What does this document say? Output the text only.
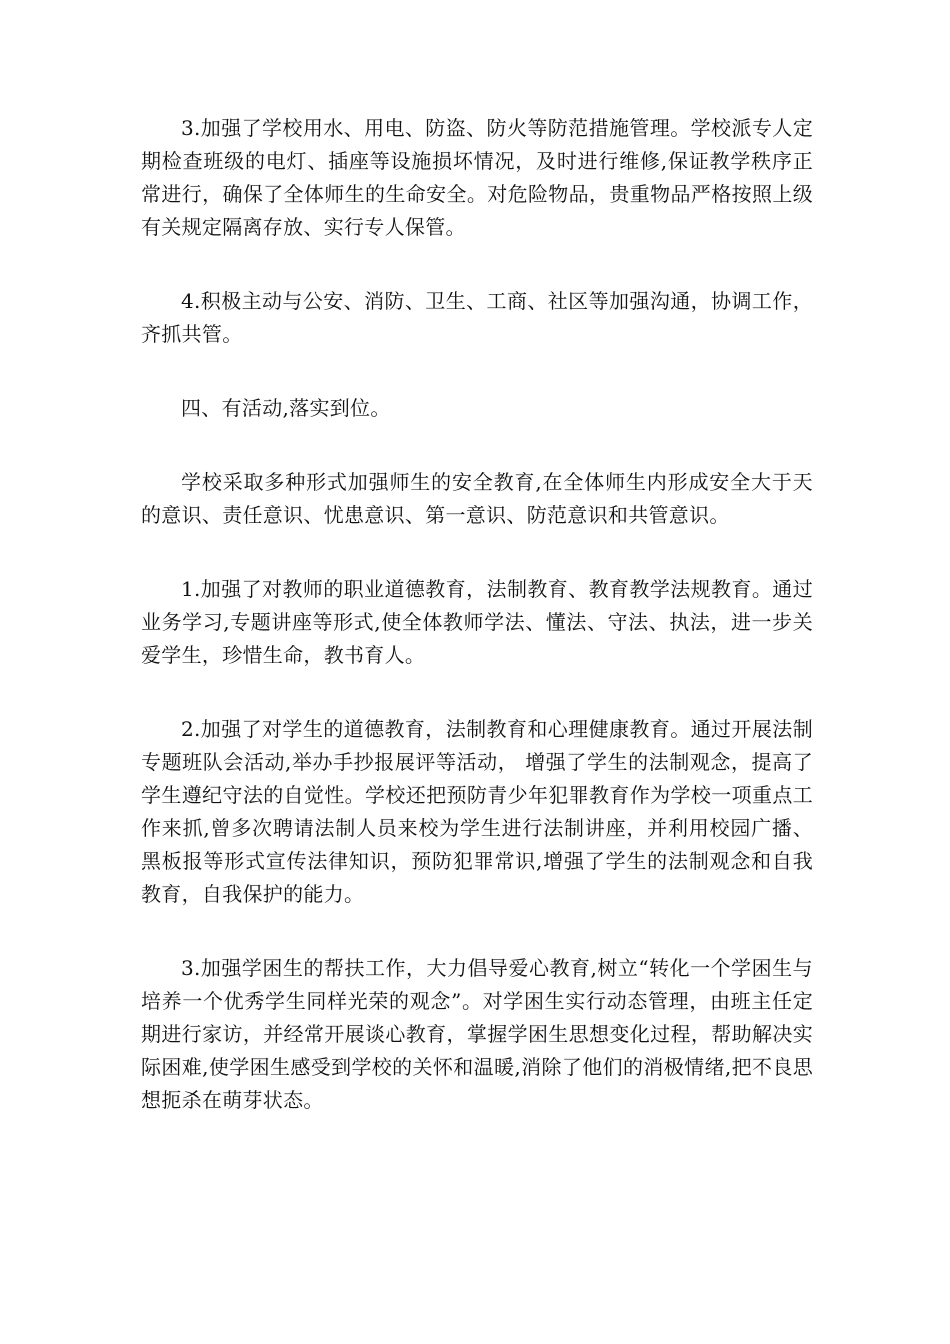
3.加强了学校用水、用电、防盗、防火等防范措施管理。学校派专人定期检查班级的电灯、插座等设施损坏情况，及时进行维修,保证教学秩序正常进行，确保了全体师生的生命安全。对危险物品，贵重物品严格按照上级有关规定隔离存放、实行专人保管。

4.积极主动与公安、消防、卫生、工商、社区等加强沟通，协调工作，齐抓共管。

四、有活动,落实到位。

学校采取多种形式加强师生的安全教育,在全体师生内形成安全大于天的意识、责任意识、忧患意识、第一意识、防范意识和共管意识。

1.加强了对教师的职业道德教育，法制教育、教育教学法规教育。通过业务学习,专题讲座等形式,使全体教师学法、懂法、守法、执法，进一步关爱学生，珍惜生命，教书育人。

2.加强了对学生的道德教育，法制教育和心理健康教育。通过开展法制专题班队会活动,举办手抄报展评等活动， 增强了学生的法制观念，提高了学生遵纪守法的自觉性。学校还把预防青少年犯罪教育作为学校一项重点工作来抓,曾多次聘请法制人员来校为学生进行法制讲座，并利用校园广播、黑板报等形式宣传法律知识，预防犯罪常识,增强了学生的法制观念和自我教育，自我保护的能力。

3.加强学困生的帮扶工作，大力倡导爱心教育,树立“转化一个学困生与培养一个优秀学生同样光荣的观念”。对学困生实行动态管理，由班主任定期进行家访，并经常开展谈心教育，掌握学困生思想变化过程，帮助解决实际困难,使学困生感受到学校的关怀和温暖,消除了他们的消极情绪,把不良思想扼杀在萌芽状态。
